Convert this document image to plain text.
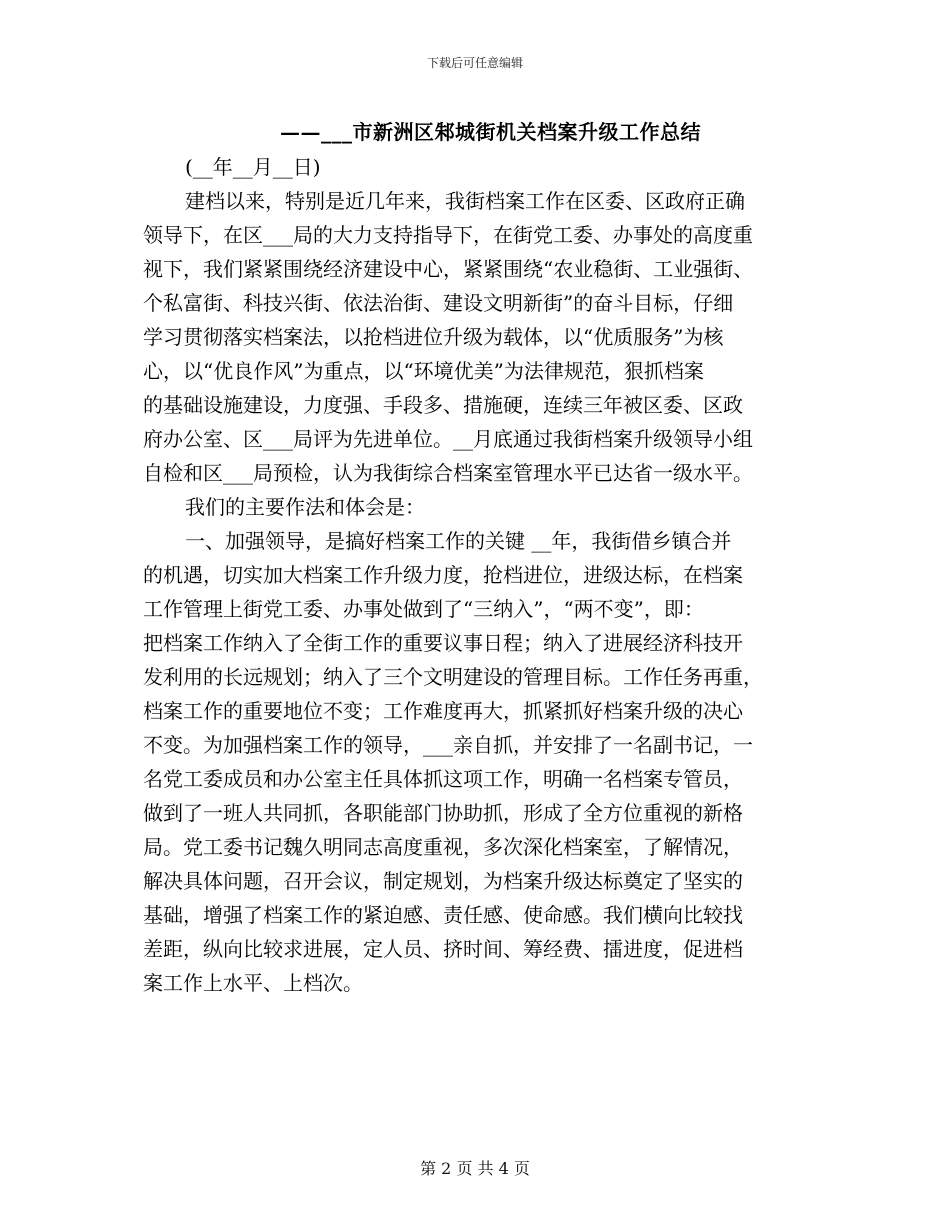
下载后可任意编辑
——___市新洲区邾城街机关档案升级工作总结
(__年__月__日)
建档以来，特别是近几年来，我街档案工作在区委、区政府正确
领导下，在区___局的大力支持指导下，在街党工委、办事处的高度重
视下，我们紧紧围绕经济建设中心，紧紧围绕“农业稳街、工业强街、
个私富街、科技兴街、依法治街、建设文明新街”的奋斗目标，仔细
学习贯彻落实档案法，以抢档进位升级为载体，以“优质服务”为核
心，以“优良作风”为重点，以“环境优美”为法律规范，狠抓档案
的基础设施建设，力度强、手段多、措施硬，连续三年被区委、区政
府办公室、区___局评为先进单位。__月底通过我街档案升级领导小组
自检和区___局预检，认为我街综合档案室管理水平已达省一级水平。
我们的主要作法和体会是：
一、加强领导，是搞好档案工作的关键 __年，我街借乡镇合并
的机遇，切实加大档案工作升级力度，抢档进位，进级达标，在档案
工作管理上街党工委、办事处做到了“三纳入”，“两不变”，即：
把档案工作纳入了全街工作的重要议事日程；纳入了进展经济科技开
发利用的长远规划；纳入了三个文明建设的管理目标。工作任务再重，
档案工作的重要地位不变；工作难度再大，抓紧抓好档案升级的决心
不变。为加强档案工作的领导，___亲自抓，并安排了一名副书记，一
名党工委成员和办公室主任具体抓这项工作，明确一名档案专管员，
做到了一班人共同抓，各职能部门协助抓，形成了全方位重视的新格
局。党工委书记魏久明同志高度重视，多次深化档案室，了解情况，
解决具体问题，召开会议，制定规划，为档案升级达标奠定了坚实的
基础，增强了档案工作的紧迫感、责任感、使命感。我们横向比较找
差距，纵向比较求进展，定人员、挤时间、筹经费、擂进度，促进档
案工作上水平、上档次。
第 2 页 共 4 页
